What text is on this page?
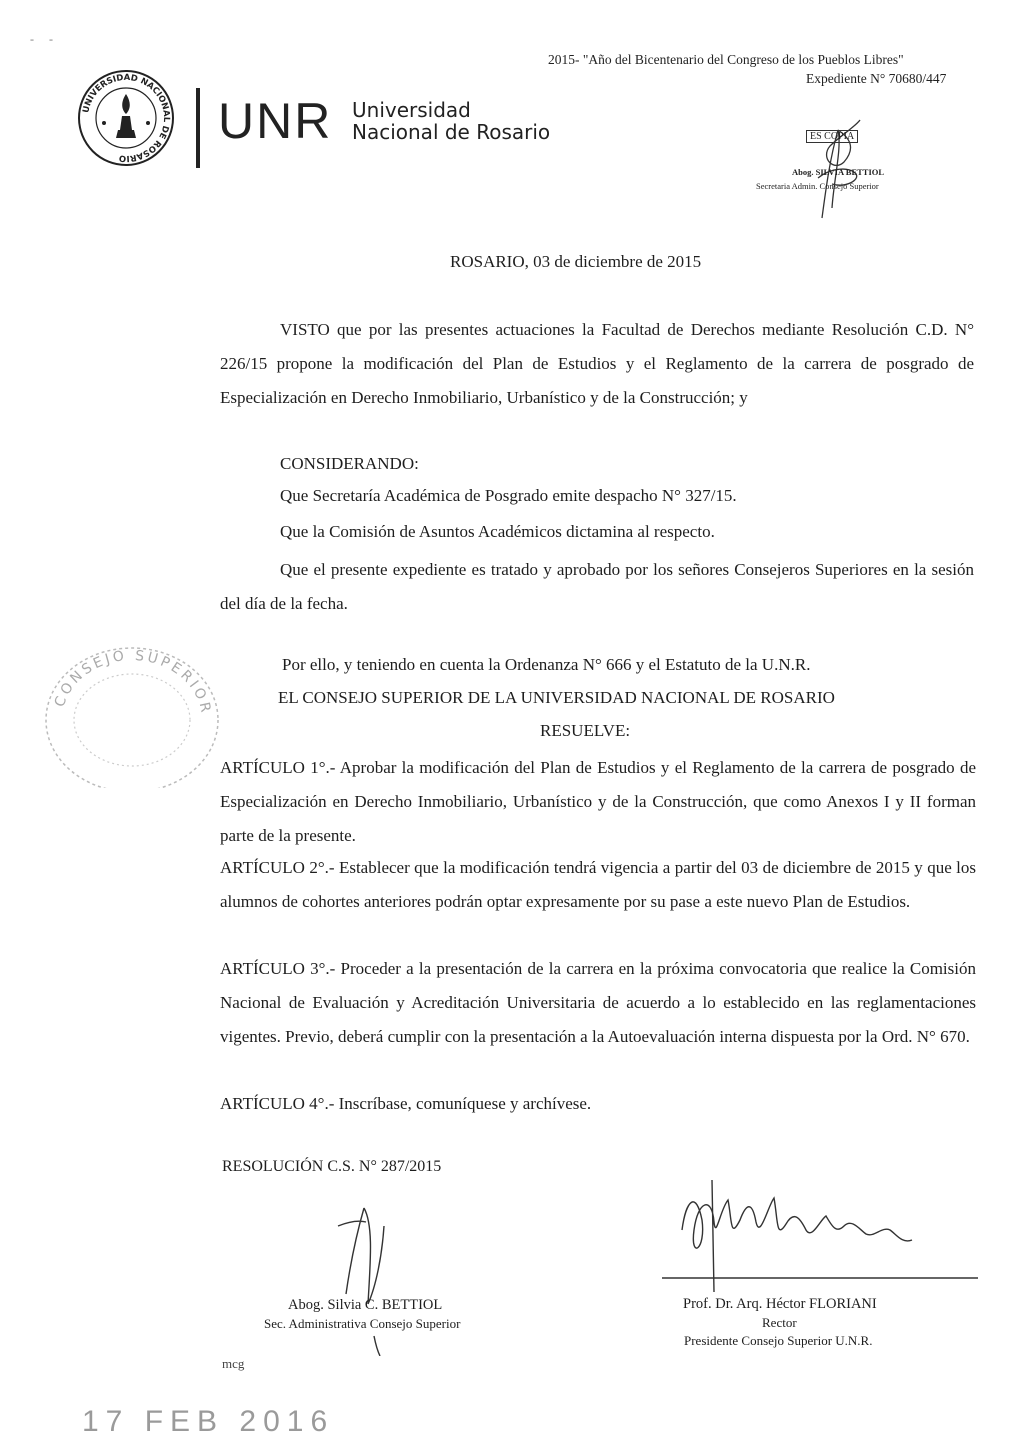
- -
UNIVERSIDAD NACIONAL DE ROSARIO
UNR Universidad
Nacional de Rosario
2015- "Año del Bicentenario del Congreso de los Pueblos Libres"
Expediente N° 70680/447
ES COPIA
Abog. SILVIA BETTIOL
Secretaria Admin. Consejo Superior
ROSARIO, 03 de diciembre de 2015
VISTO que por las presentes actuaciones la Facultad de Derechos mediante Resolución C.D. N° 226/15 propone la modificación del Plan de Estudios y el Reglamento de la carrera de posgrado de Especialización en Derecho Inmobiliario, Urbanístico y de la Construcción; y
CONSIDERANDO:
Que Secretaría Académica de Posgrado emite despacho N° 327/15.
Que la Comisión de Asuntos Académicos dictamina al respecto.
Que el presente expediente es tratado y aprobado por los señores Consejeros Superiores en la sesión del día de la fecha.
CONSEJO SUPERIOR
Por ello, y teniendo en cuenta la Ordenanza N° 666 y el Estatuto de la U.N.R.
EL CONSEJO SUPERIOR DE LA UNIVERSIDAD NACIONAL DE ROSARIO
RESUELVE:
ARTÍCULO 1°.- Aprobar la modificación del Plan de Estudios y el Reglamento de la carrera de posgrado de Especialización en Derecho Inmobiliario, Urbanístico y de la Construcción, que como Anexos I y II forman parte de la presente.
ARTÍCULO 2°.- Establecer que la modificación tendrá vigencia a partir del 03 de diciembre de 2015 y que los alumnos de cohortes anteriores podrán optar expresamente por su pase a este nuevo Plan de Estudios.
ARTÍCULO 3°.- Proceder a la presentación de la carrera en la próxima convocatoria que realice la Comisión Nacional de Evaluación y Acreditación Universitaria de acuerdo a lo establecido en las reglamentaciones vigentes. Previo, deberá cumplir con la presentación a la Autoevaluación interna dispuesta por la Ord. N° 670.
ARTÍCULO 4°.- Inscríbase, comuníquese y archívese.
RESOLUCIÓN C.S. N° 287/2015
Abog. Silvia C. BETTIOL
Sec. Administrativa Consejo Superior
Prof. Dr. Arq. Héctor FLORIANI
Rector
Presidente Consejo Superior U.N.R.
mcg
17 FEB 2016
